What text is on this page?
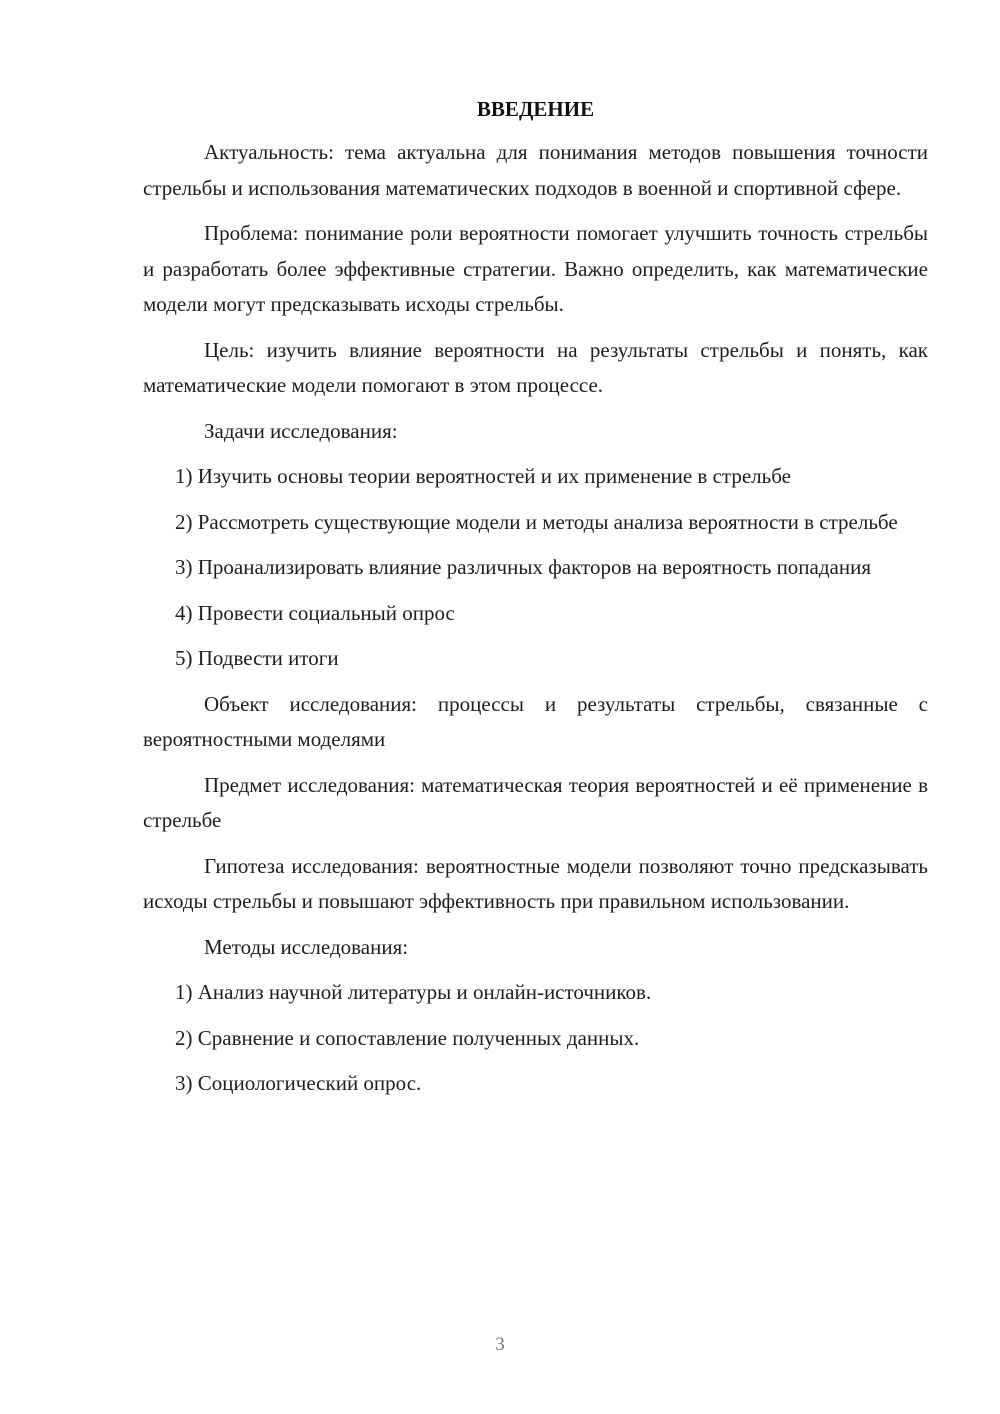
ВВЕДЕНИЕ

Актуальность: тема актуальна для понимания методов повышения точности стрельбы и использования математических подходов в военной и спортивной сфере.

Проблема: понимание роли вероятности помогает улучшить точность стрельбы и разработать более эффективные стратегии. Важно определить, как математические модели могут предсказывать исходы стрельбы.

Цель: изучить влияние вероятности на результаты стрельбы и понять, как математические модели помогают в этом процессе.

Задачи исследования:

1) Изучить основы теории вероятностей и их применение в стрельбе

2) Рассмотреть существующие модели и методы анализа вероятности в стрельбе

3) Проанализировать влияние различных факторов на вероятность попадания

4) Провести социальный опрос

5) Подвести итоги

Объект исследования: процессы и результаты стрельбы, связанные с вероятностными моделями

Предмет исследования: математическая теория вероятностей и её применение в стрельбе

Гипотеза исследования: вероятностные модели позволяют точно предсказывать исходы стрельбы и повышают эффективность при правильном использовании.

Методы исследования:

1) Анализ научной литературы и онлайн-источников.

2) Сравнение и сопоставление полученных данных.

3) Социологический опрос.

3
